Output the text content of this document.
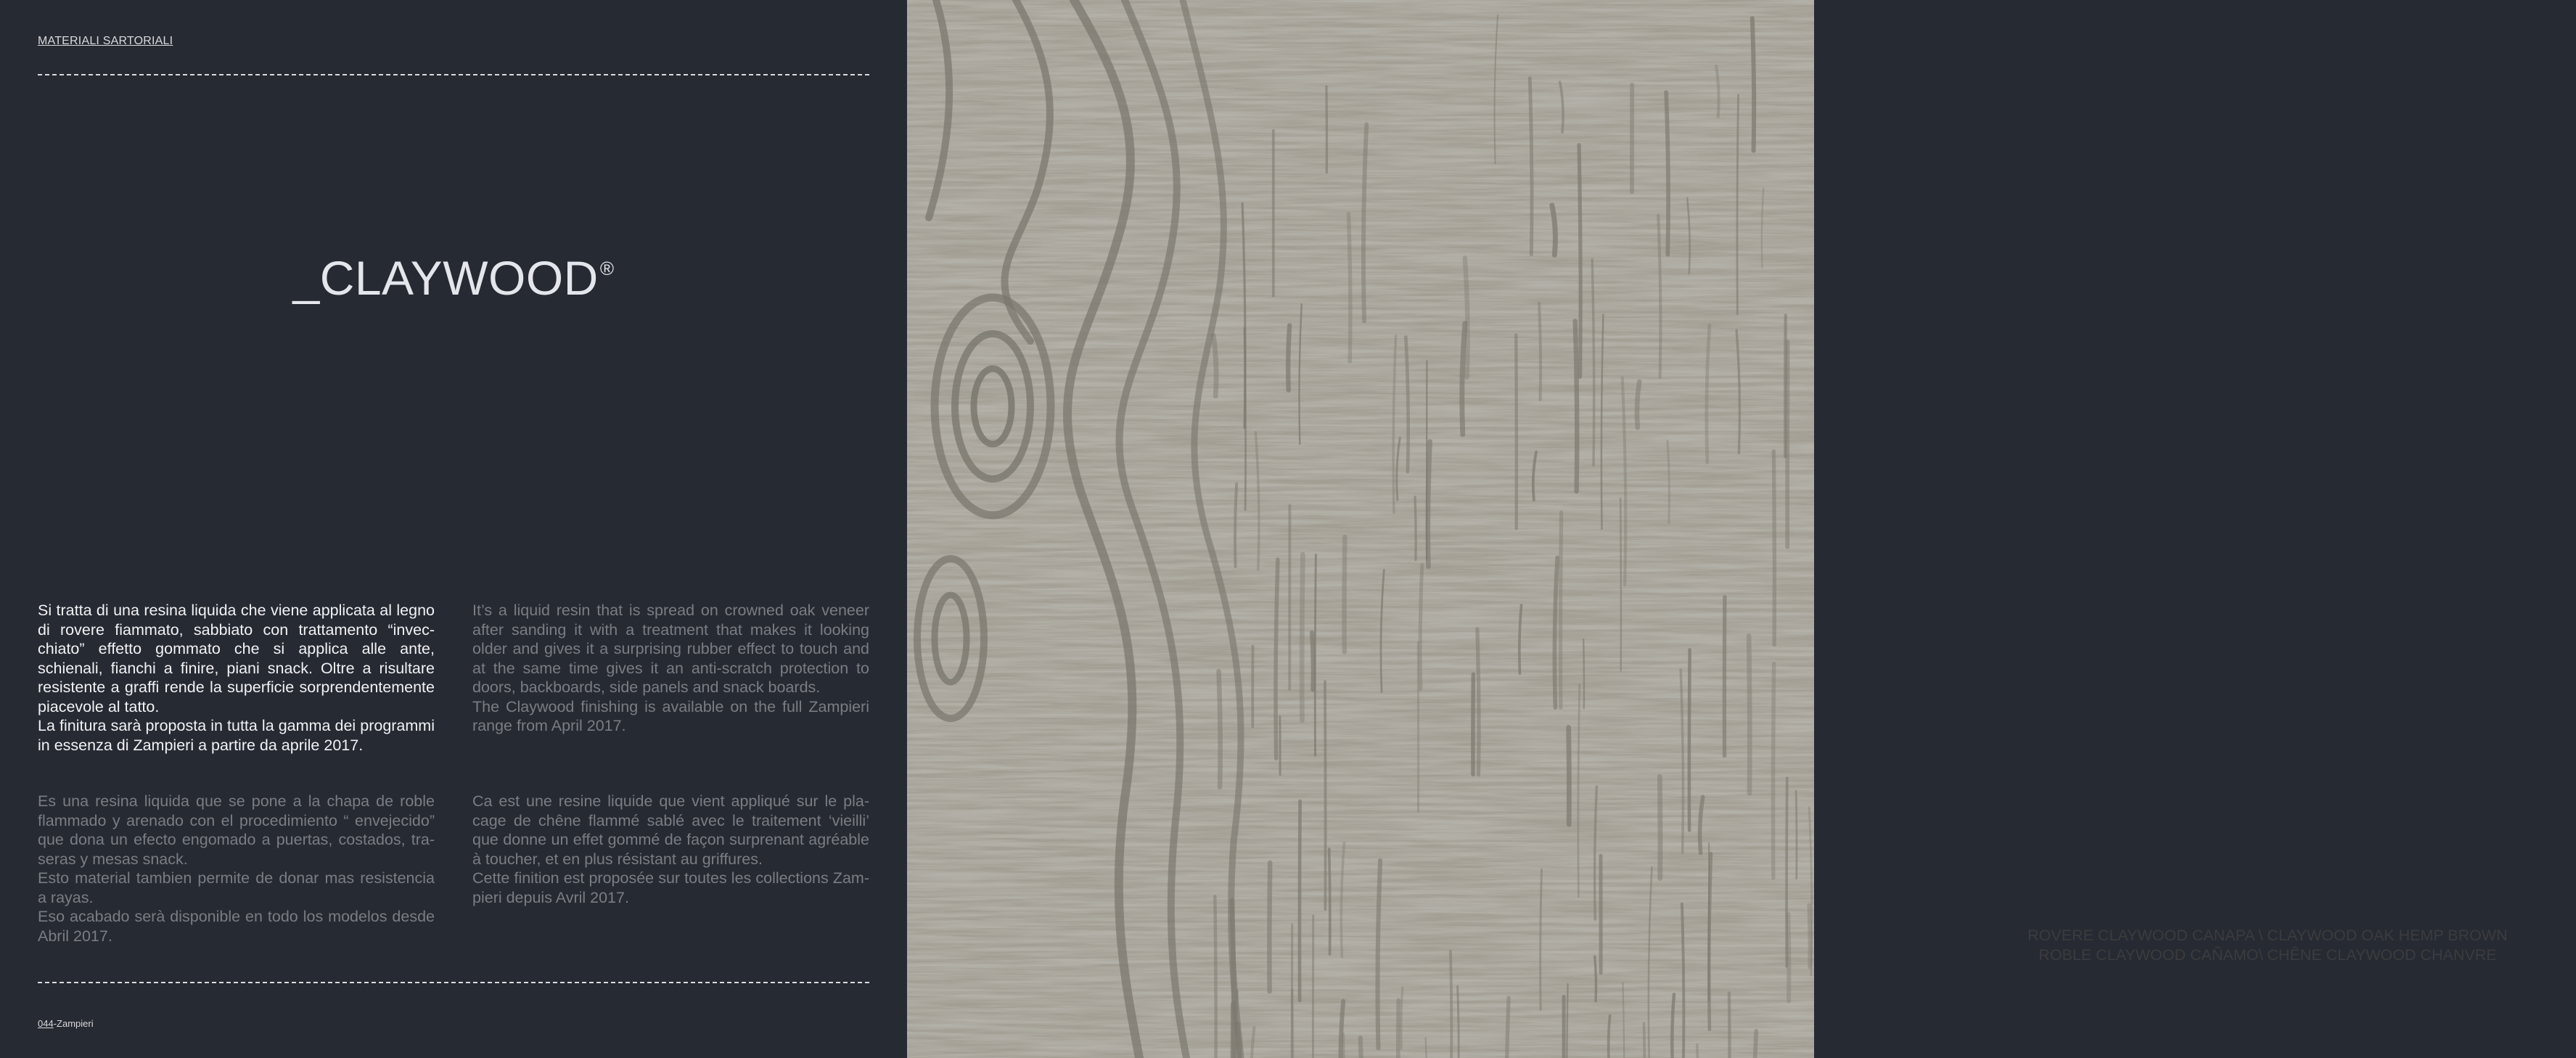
MATERIALI SARTORIALI
_CLAYWOOD®

Si tratta di una resina liquida che viene applicata al legno di rovere fiammato, sabbiato con trattamento “invec-chiato” effetto gommato che si applica alle ante, schienali, fianchi a finire, piani snack. Oltre a risultare resistente a graffi rende la superficie sorprendentemente piacevole al tatto.

La finitura sarà proposta in tutta la gamma dei programmi in essenza di Zampieri a partire da aprile 2017.

It’s a liquid resin that is spread on crowned oak veneer after sanding it with a treatment that makes it looking older and gives it a surprising rubber effect to touch and at the same time gives it an anti-scratch protection to doors, backboards, side panels and snack boards.

The Claywood finishing is available on the full Zampieri range from April 2017.

Es una resina liquida que se pone a la chapa de roble flammado y arenado con el procedimiento “ envejecido” que dona un efecto engomado a puertas, costados, tra-seras y mesas snack.

Esto material tambien permite de donar mas resistencia a rayas.

Eso acabado serà disponible en todo los modelos desde Abril 2017.

Ca est une resine liquide que vient appliqué sur le pla-cage de chêne flammé sablé avec le traitement ‘vieilli’ que donne un effet gommé de façon surprenant agréable à toucher, et en plus résistant au griffures.

Cette finition est proposée sur toutes les collections Zam-pieri depuis Avril 2017.

044-Zampieri
ROVERE CLAYWOOD CANAPA \ CLAYWOOD OAK HEMP BROWN
ROBLE CLAYWOOD CAÑAMO\ CHÊNE CLAYWOOD CHANVRE
